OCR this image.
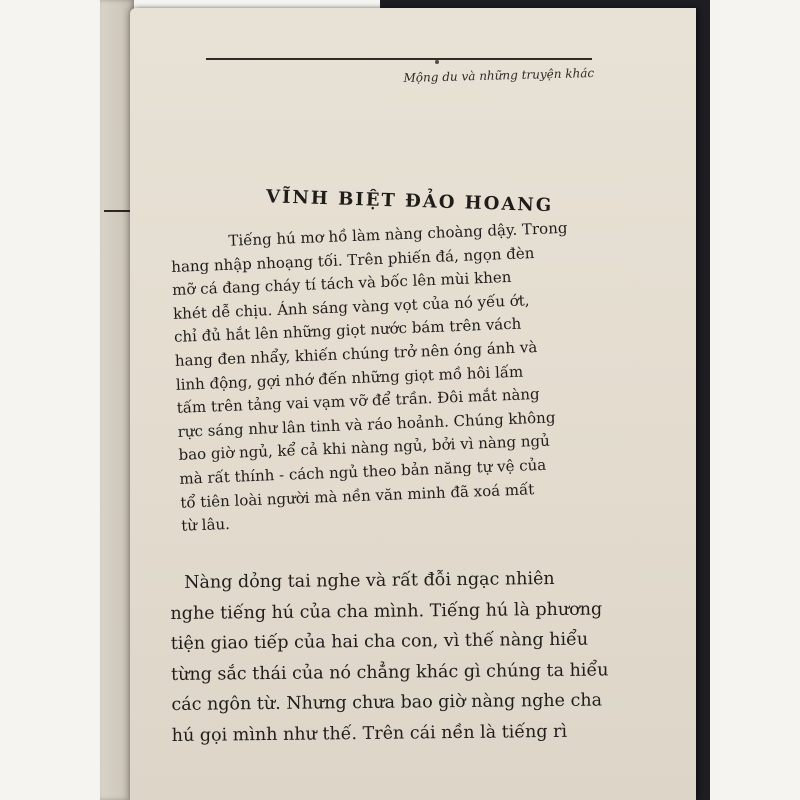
Mộng du và những truyện khác
VĨNH BIỆT ĐẢO HOANG
Tiếng hú mơ hồ làm nàng choàng dậy. Trong
hang nhập nhoạng tối. Trên phiến đá, ngọn đèn
mỡ cá đang cháy tí tách và bốc lên mùi khen
khét dễ chịu. Ánh sáng vàng vọt của nó yếu ớt,
chỉ đủ hắt lên những giọt nước bám trên vách
hang đen nhẩy, khiến chúng trở nên óng ánh và
linh động, gợi nhớ đến những giọt mồ hôi lấm
tấm trên tảng vai vạm vỡ để trần. Đôi mắt nàng
rực sáng như lân tinh và ráo hoảnh. Chúng không
bao giờ ngủ, kể cả khi nàng ngủ, bởi vì nàng ngủ
mà rất thính - cách ngủ theo bản năng tự vệ của
tổ tiên loài người mà nền văn minh đã xoá mất
từ lâu.
Nàng dỏng tai nghe và rất đỗi ngạc nhiên
nghe tiếng hú của cha mình. Tiếng hú là phương
tiện giao tiếp của hai cha con, vì thế nàng hiểu
từng sắc thái của nó chẳng khác gì chúng ta hiểu
các ngôn từ. Nhưng chưa bao giờ nàng nghe cha
hú gọi mình như thế. Trên cái nền là tiếng rì
